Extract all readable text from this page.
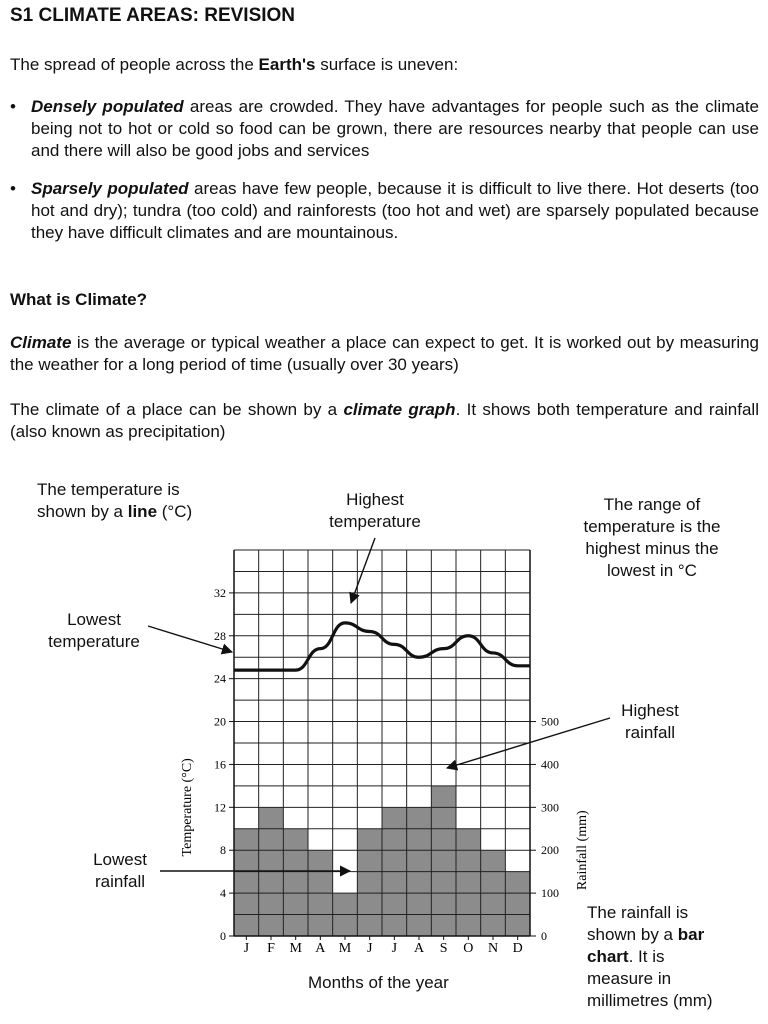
S1 CLIMATE AREAS: REVISION
The spread of people across the Earth's surface is uneven:
• Densely populated areas are crowded. They have advantages for people such as the climate being not to hot or cold so food can be grown, there are resources nearby that people can use and there will also be good jobs and services
• Sparsely populated areas have few people, because it is difficult to live there. Hot deserts (too hot and dry); tundra (too cold) and rainforests (too hot and wet) are sparsely populated because they have difficult climates and are mountainous.
What is Climate?
Climate is the average or typical weather a place can expect to get. It is worked out by measuring the weather for a long period of time (usually over 30 years)
The climate of a place can be shown by a climate graph. It shows both temperature and rainfall (also known as precipitation)
The temperature is
shown by a line (°C)
Highest
temperature
The range of
temperature is the
highest minus the
lowest in °C
Lowest
temperature
Highest
rainfall
Lowest
rainfall
The rainfall is
shown by a bar
chart. It is
measure in
millimetres (mm)
Months of the year
0
4
8
12
16
20
24
28
32
0
100
200
300
400
500
J F M A M J J A S O N D
Temperature (°C)	Rainfall (mm)
